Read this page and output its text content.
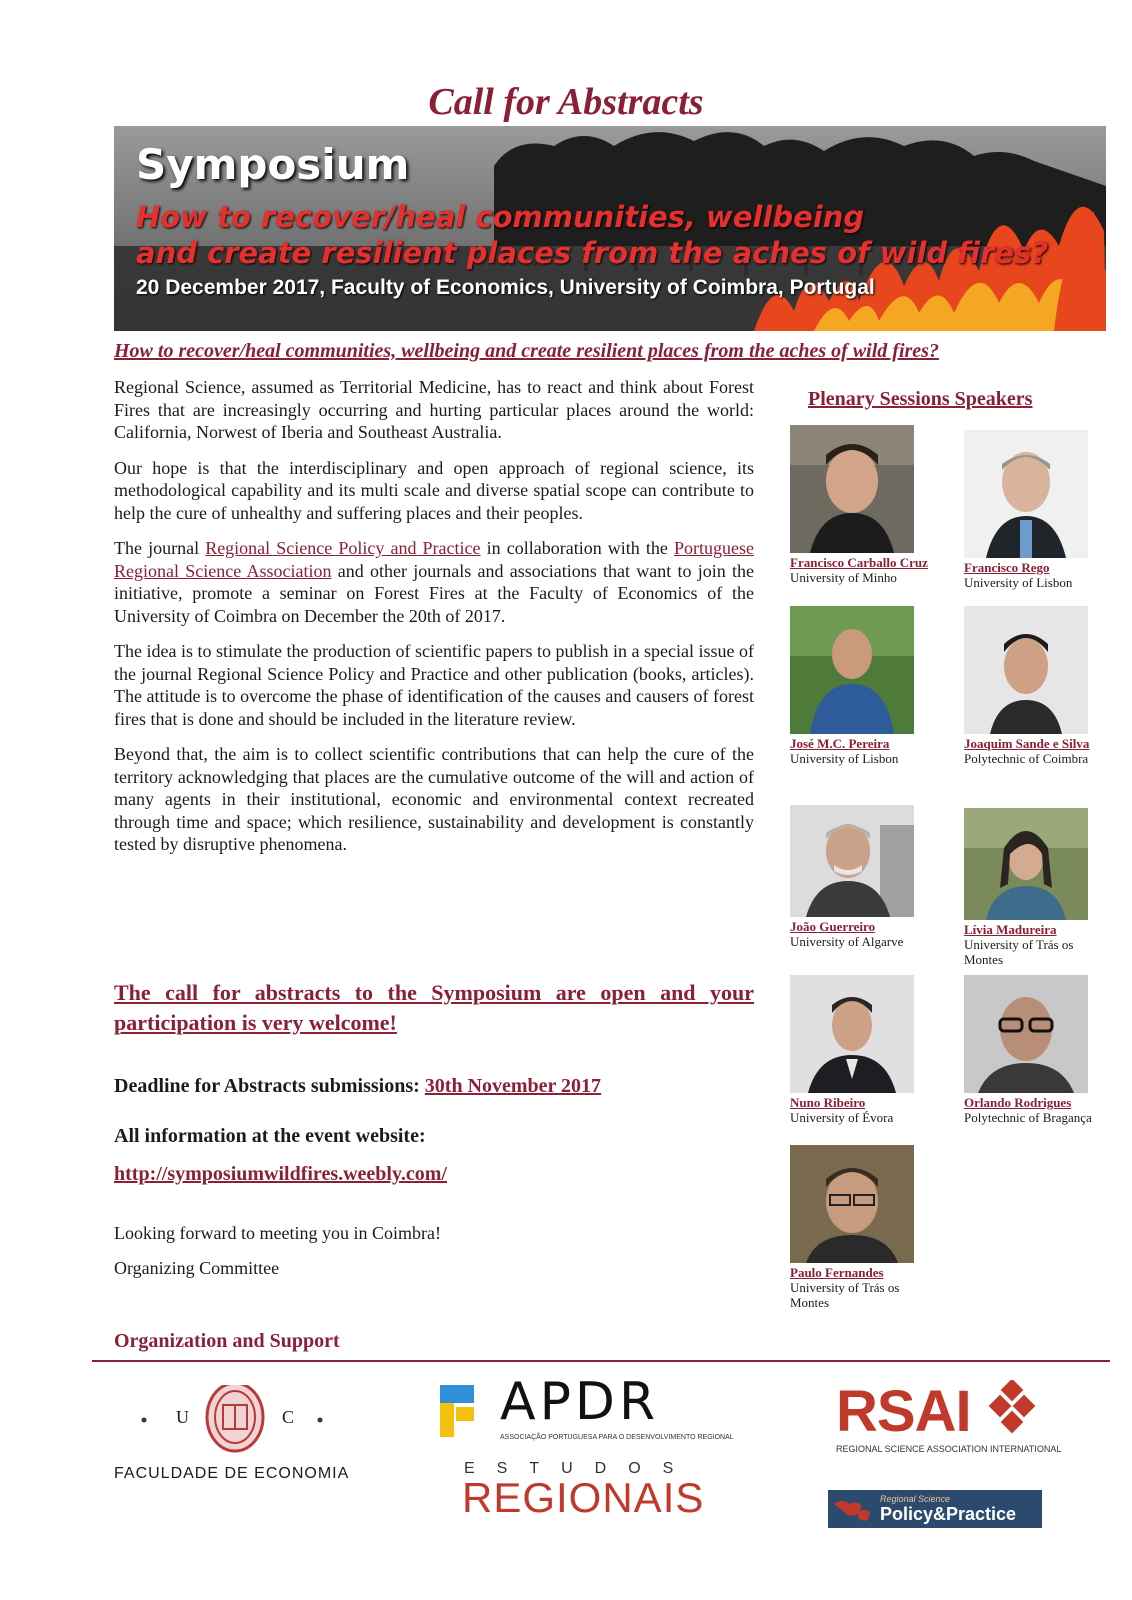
Call for Abstracts
Symposium
How to recover/heal communities, wellbeing
and create resilient places from the aches of wild fires?
20 December 2017, Faculty of Economics, University of Coimbra, Portugal
How to recover/heal communities, wellbeing and create resilient places from the aches of wild fires?

Regional Science, assumed as Territorial Medicine, has to react and think about Forest Fires that are increasingly occurring and hurting particular places around the world: California, Norwest of Iberia and Southeast Australia.

Our hope is that the interdisciplinary and open approach of regional science, its methodological capability and its multi scale and diverse spatial scope can contribute to help the cure of unhealthy and suffering places and their peoples.

The journal Regional Science Policy and Practice in collaboration with the Portuguese Regional Science Association and other journals and associations that want to join the initiative, promote a seminar on Forest Fires at the Faculty of Economics of the University of Coimbra on December the 20th of 2017.

The idea is to stimulate the production of scientific papers to publish in a special issue of the journal Regional Science Policy and Practice and other publication (books, articles). The attitude is to overcome the phase of identification of the causes and causers of forest fires that is done and should be included in the literature review.

Beyond that, the aim is to collect scientific contributions that can help the cure of the territory acknowledging that places are the cumulative outcome of the will and action of many agents in their institutional, economic and environmental context recreated through time and space; which resilience, sustainability and development is constantly tested by disruptive phenomena.

The call for abstracts to the Symposium are open and your participation is very welcome!
Deadline for Abstracts submissions: 30th November 2017
All information at the event website:
http://symposiumwildfires.weebly.com/
Looking forward to meeting you in Coimbra!
Organizing Committee
Plenary Sessions Speakers
Francisco Carballo Cruz
University of Minho
Francisco Rego
University of Lisbon
José M.C. Pereira
University of Lisbon
Joaquim Sande e Silva
Polytechnic of Coimbra
João Guerreiro
University of Algarve
Lívia Madureira
University of Trás os Montes
Nuno Ribeiro
University of Évora
Orlando Rodrigues
Polytechnic of Bragança
Paulo Fernandes
University of Trás os Montes
Organization and Support
U	C
FACULDADE DE ECONOMIA
APDR
ASSOCIAÇÃO PORTUGUESA PARA O DESENVOLVIMENTO REGIONAL
ESTUDOS
REGIONAIS
RSAI
REGIONAL SCIENCE ASSOCIATION INTERNATIONAL
Regional Science
Policy&Practice
